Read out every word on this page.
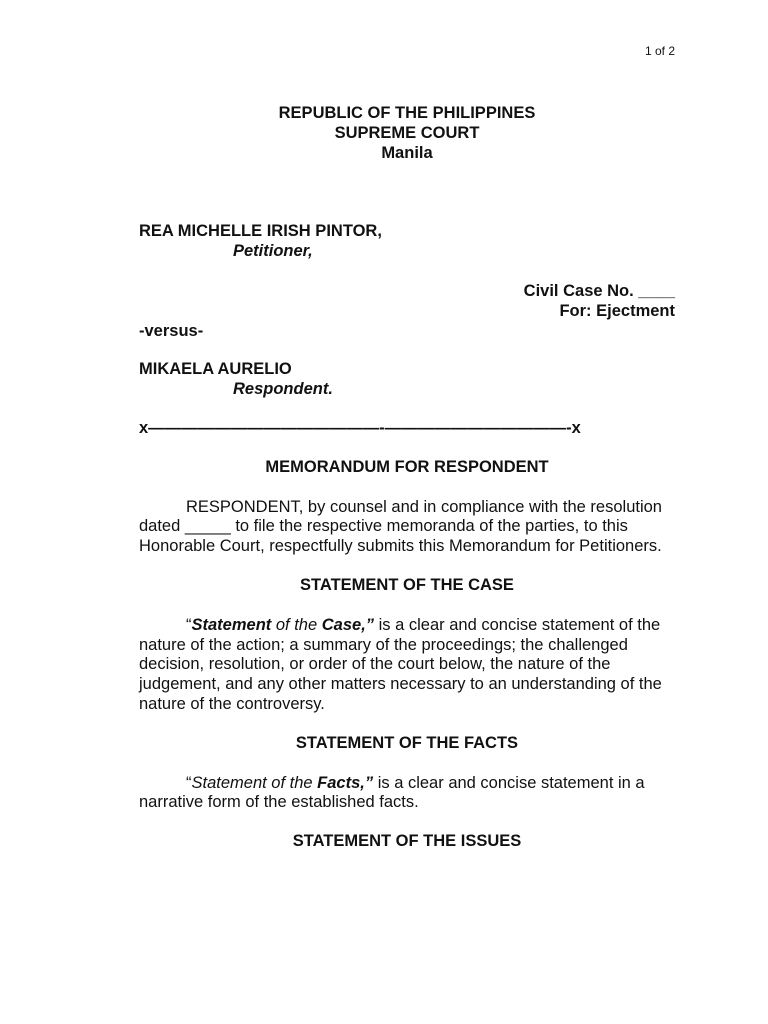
1 of 2
REPUBLIC OF THE PHILIPPINES
SUPREME COURT
Manila
REA MICHELLE IRISH PINTOR,
Petitioner,
Civil Case No. ____
For: Ejectment
-versus-
MIKAELA AURELIO
Respondent.
x——————————————-———————————-x
MEMORANDUM FOR RESPONDENT

RESPONDENT, by counsel and in compliance with the resolution dated _____ to file the respective memoranda of the parties, to this Honorable Court, respectfully submits this Memorandum for Petitioners.

STATEMENT OF THE CASE

“Statement of the Case,” is a clear and concise statement of the nature of the action; a summary of the proceedings; the challenged decision, resolution, or order of the court below, the nature of the judgement, and any other matters necessary to an understanding of the nature of the controversy.

STATEMENT OF THE FACTS

“Statement of the Facts,” is a clear and concise statement in a narrative form of the established facts.

STATEMENT OF THE ISSUES
